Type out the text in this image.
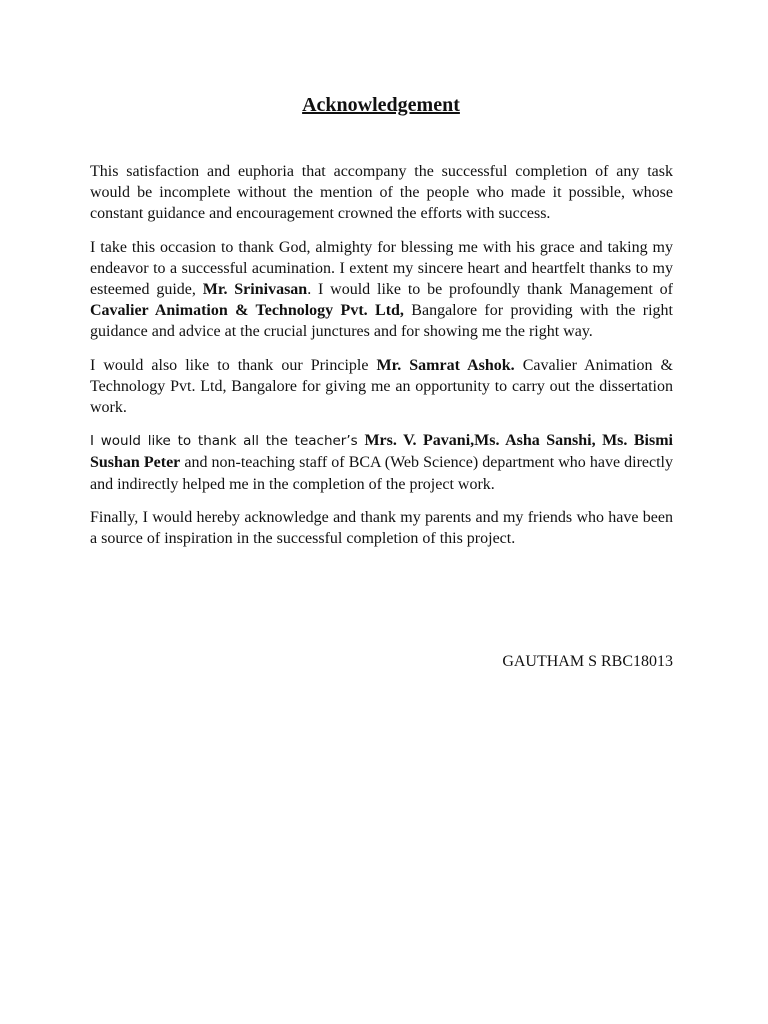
Acknowledgement

This satisfaction and euphoria that accompany the successful completion of any task would be incomplete without the mention of the people who made it possible, whose constant guidance and encouragement crowned the efforts with success.

I take this occasion to thank God, almighty for blessing me with his grace and taking my endeavor to a successful acumination. I extent my sincere heart and heartfelt thanks to my esteemed guide, Mr. Srinivasan. I would like to be profoundly thank Management of Cavalier Animation & Technology Pvt. Ltd, Bangalore for providing with the right guidance and advice at the crucial junctures and for showing me the right way.

I would also like to thank our Principle Mr. Samrat Ashok. Cavalier Animation & Technology Pvt. Ltd, Bangalore for giving me an opportunity to carry out the dissertation work.

I would like to thank all the teacher’s Mrs. V. Pavani,Ms. Asha Sanshi, Ms. Bismi Sushan Peter and non-teaching staff of BCA (Web Science) department who have directly and indirectly helped me in the completion of the project work.

Finally, I would hereby acknowledge and thank my parents and my friends who have been a source of inspiration in the successful completion of this project.

GAUTHAM S RBC18013
